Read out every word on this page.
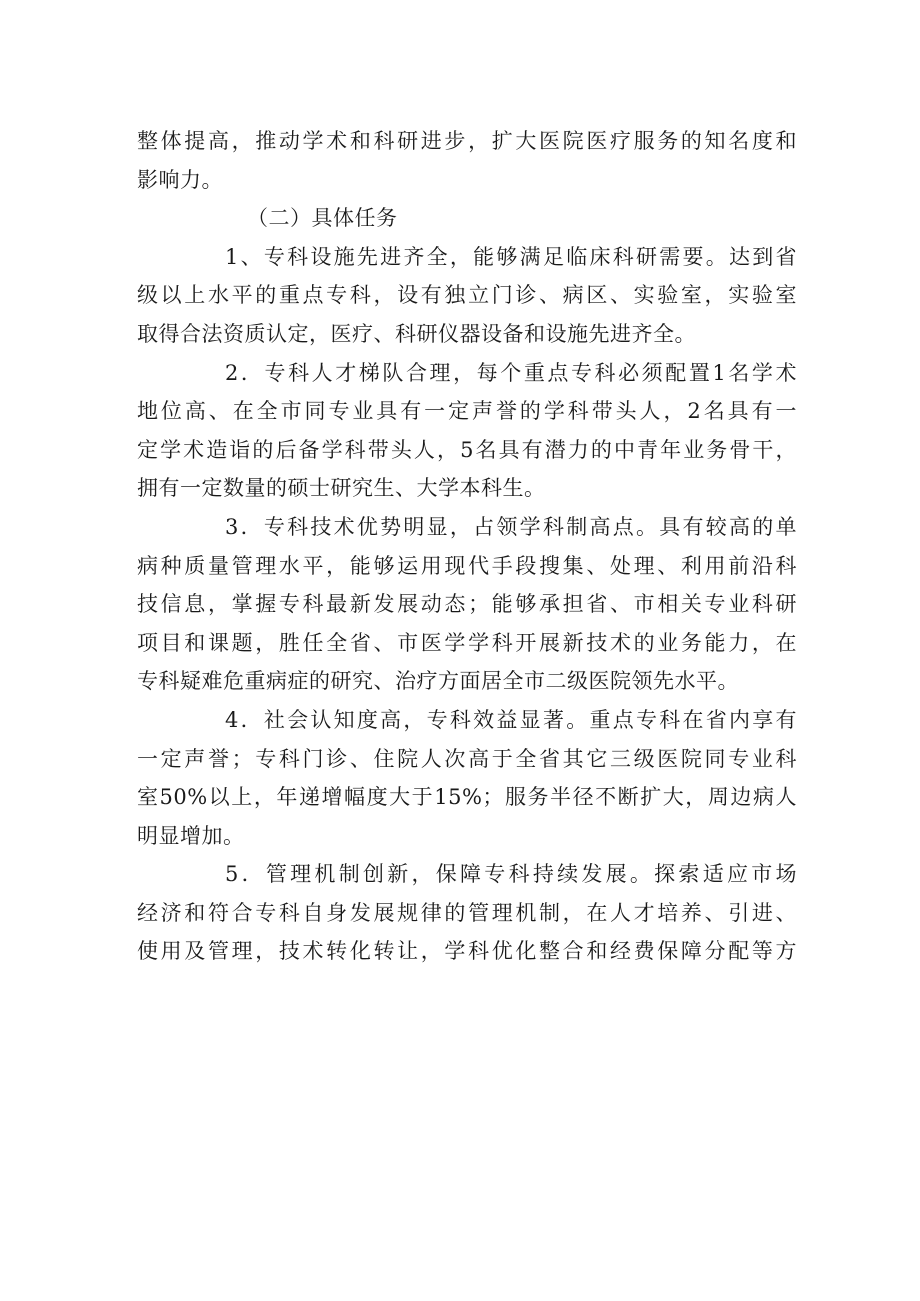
整体提高，推动学术和科研进步，扩大医院医疗服务的知名度和
影响力。
（二）具体任务
1、专科设施先进齐全，能够满足临床科研需要。达到省
级以上水平的重点专科，设有独立门诊、病区、实验室，实验室
取得合法资质认定，医疗、科研仪器设备和设施先进齐全。
2．专科人才梯队合理，每个重点专科必须配置1名学术
地位高、在全市同专业具有一定声誉的学科带头人，2名具有一
定学术造诣的后备学科带头人，5名具有潜力的中青年业务骨干，
拥有一定数量的硕士研究生、大学本科生。
3．专科技术优势明显，占领学科制高点。具有较高的单
病种质量管理水平，能够运用现代手段搜集、处理、利用前沿科
技信息，掌握专科最新发展动态；能够承担省、市相关专业科研
项目和课题，胜任全省、市医学学科开展新技术的业务能力，在
专科疑难危重病症的研究、治疗方面居全市二级医院领先水平。
4．社会认知度高，专科效益显著。重点专科在省内享有
一定声誉；专科门诊、住院人次高于全省其它三级医院同专业科
室50%以上，年递增幅度大于15%；服务半径不断扩大，周边病人
明显增加。
5．管理机制创新，保障专科持续发展。探索适应市场
经济和符合专科自身发展规律的管理机制，在人才培养、引进、
使用及管理，技术转化转让，学科优化整合和经费保障分配等方
